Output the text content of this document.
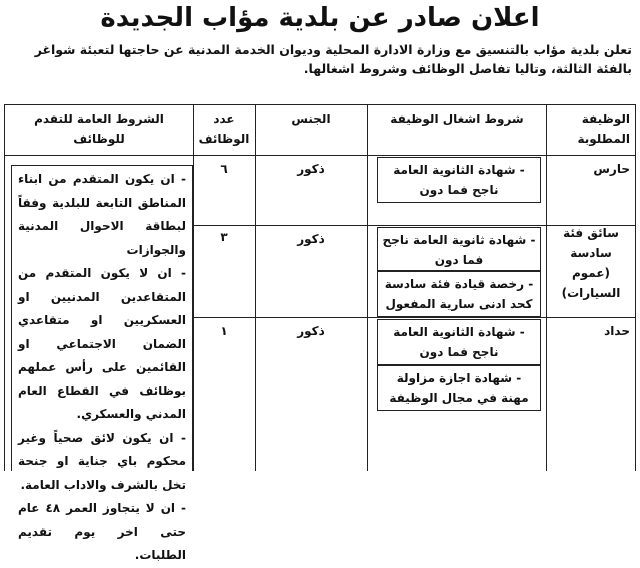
اعلان صادر عن بلدية مؤاب الجديدة
تعلن بلدية مؤاب بالتنسيق مع وزارة الادارة المحلية وديوان الخدمة المدنية عن حاجتها لتعبئة شواغر بالفئة الثالثة، وتاليا تفاصل الوظائف وشروط اشغالها.
الوظيفة المطلوبة
شروط اشغال الوظيفة
الجنس
عدد الوظائف
الشروط العامة للتقدم للوظائف
حارس
- شهادة الثانوية العامة ناجح فما دون
ذكور
٦
سائق فئة سادسة (عموم السيارات)
- شهادة ثانوية العامة ناجح فما دون
- رخصة قيادة فئة سادسة كحد ادنى سارية المفعول
ذكور
٣
حداد
- شهادة الثانوية العامة ناجح فما دون
- شهادة اجازة مزاولة مهنة في مجال الوظيفة
ذكور
١
- ان يكون المتقدم من ابناء المناطق التابعة للبلدية وفقاً لبطاقة الاحوال المدنية والجوازات
- ان لا يكون المتقدم من المتقاعدين المدنيين او العسكريين او متقاعدي الضمان الاجتماعي او القائمين على رأس عملهم بوظائف في القطاع العام المدني والعسكري.
- ان يكون لائق صحياً وغير محكوم باي جناية او جنحة تخل بالشرف والاداب العامة.
- ان لا يتجاوز العمر ٤٨ عام حتى اخر يوم تقديم الطلبات.
